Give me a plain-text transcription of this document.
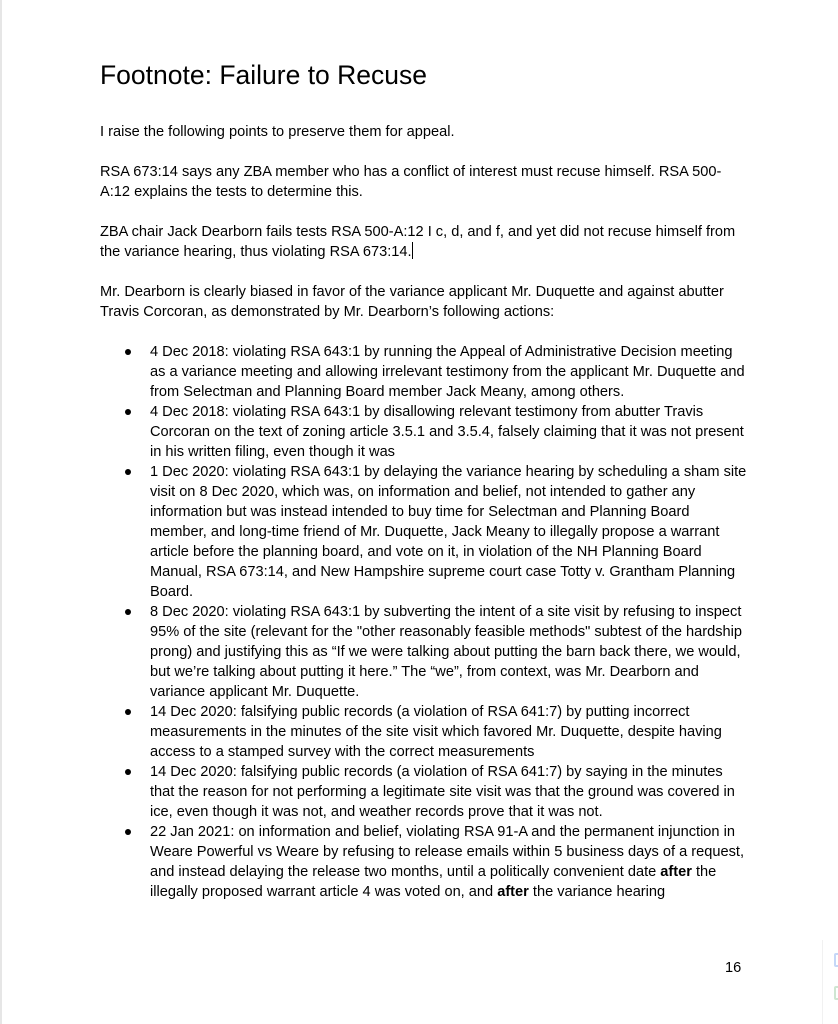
Footnote: Failure to Recuse

I raise the following points to preserve them for appeal.

RSA 673:14 says any ZBA member who has a conflict of interest must recuse himself. RSA 500-A:12 explains the tests to determine this.

ZBA chair Jack Dearborn fails tests RSA 500-A:12 I c, d, and f, and yet did not recuse himself from the variance hearing, thus violating RSA 673:14.

Mr. Dearborn is clearly biased in favor of the variance applicant Mr. Duquette and against abutter Travis Corcoran, as demonstrated by Mr. Dearborn’s following actions:

4 Dec 2018: violating RSA 643:1 by running the Appeal of Administrative Decision meeting as a variance meeting and allowing irrelevant testimony from the applicant Mr. Duquette and from Selectman and Planning Board member Jack Meany, among others.
4 Dec 2018: violating RSA 643:1 by disallowing relevant testimony from abutter Travis Corcoran on the text of zoning article 3.5.1 and 3.5.4, falsely claiming that it was not present in his written filing, even though it was
1 Dec 2020: violating RSA 643:1 by delaying the variance hearing by scheduling a sham site visit on 8 Dec 2020, which was, on information and belief, not intended to gather any information but was instead intended to buy time for Selectman and Planning Board member, and long-time friend of Mr. Duquette, Jack Meany to illegally propose a warrant article before the planning board, and vote on it, in violation of the NH Planning Board Manual, RSA 673:14, and New Hampshire supreme court case Totty v. Grantham Planning Board.
8 Dec 2020: violating RSA 643:1 by subverting the intent of a site visit by refusing to inspect 95% of the site (relevant for the "other reasonably feasible methods" subtest of the hardship prong) and justifying this as “If we were talking about putting the barn back there, we would, but we’re talking about putting it here.” The “we”, from context, was Mr. Dearborn and variance applicant Mr. Duquette.
14 Dec 2020: falsifying public records (a violation of RSA 641:7) by putting incorrect measurements in the minutes of the site visit which favored Mr. Duquette, despite having access to a stamped survey with the correct measurements
14 Dec 2020: falsifying public records (a violation of RSA 641:7) by saying in the minutes that the reason for not performing a legitimate site visit was that the ground was covered in ice, even though it was not, and weather records prove that it was not.
22 Jan 2021: on information and belief, violating RSA 91-A and the permanent injunction in Weare Powerful vs Weare by refusing to release emails within 5 business days of a request, and instead delaying the release two months, until a politically convenient date after the illegally proposed warrant article 4 was voted on, and after the variance hearing
16
